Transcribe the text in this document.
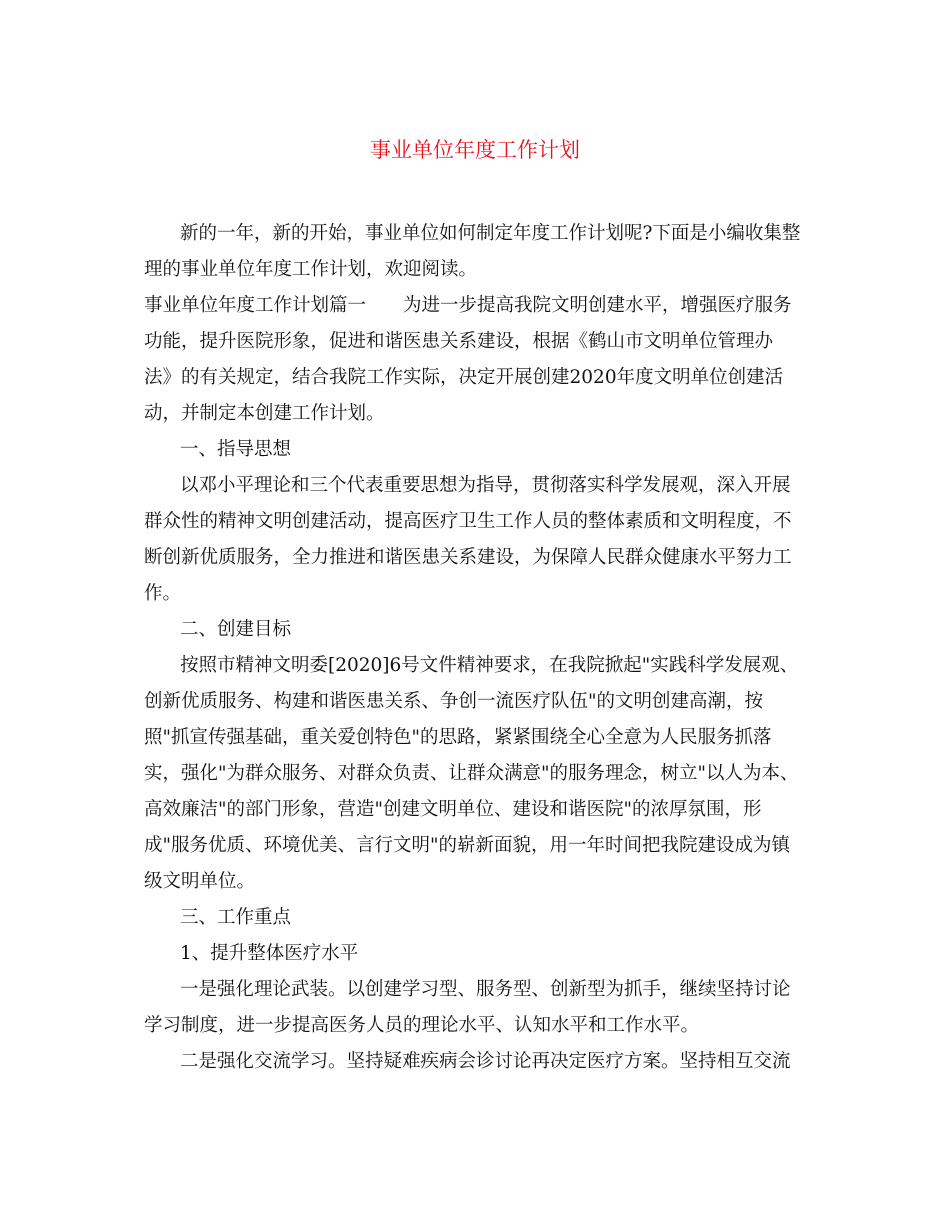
事业单位年度工作计划

新的一年，新的开始，事业单位如何制定年度工作计划呢?下面是小编收集整

理的事业单位年度工作计划，欢迎阅读。

事业单位年度工作计划篇一　　为进一步提高我院文明创建水平，增强医疗服务

功能，提升医院形象，促进和谐医患关系建设，根据《鹤山市文明单位管理办

法》的有关规定，结合我院工作实际，决定开展创建2020年度文明单位创建活

动，并制定本创建工作计划。

一、指导思想

以邓小平理论和三个代表重要思想为指导，贯彻落实科学发展观，深入开展

群众性的精神文明创建活动，提高医疗卫生工作人员的整体素质和文明程度，不

断创新优质服务，全力推进和谐医患关系建设，为保障人民群众健康水平努力工

作。

二、创建目标

按照市精神文明委[2020]6号文件精神要求，在我院掀起"实践科学发展观、

创新优质服务、构建和谐医患关系、争创一流医疗队伍"的文明创建高潮，按

照"抓宣传强基础，重关爱创特色"的思路，紧紧围绕全心全意为人民服务抓落

实，强化"为群众服务、对群众负责、让群众满意"的服务理念，树立"以人为本、

高效廉洁"的部门形象，营造"创建文明单位、建设和谐医院"的浓厚氛围，形

成"服务优质、环境优美、言行文明"的崭新面貌，用一年时间把我院建设成为镇

级文明单位。

三、工作重点

1、提升整体医疗水平

一是强化理论武装。以创建学习型、服务型、创新型为抓手，继续坚持讨论

学习制度，进一步提高医务人员的理论水平、认知水平和工作水平。

二是强化交流学习。坚持疑难疾病会诊讨论再决定医疗方案。坚持相互交流
